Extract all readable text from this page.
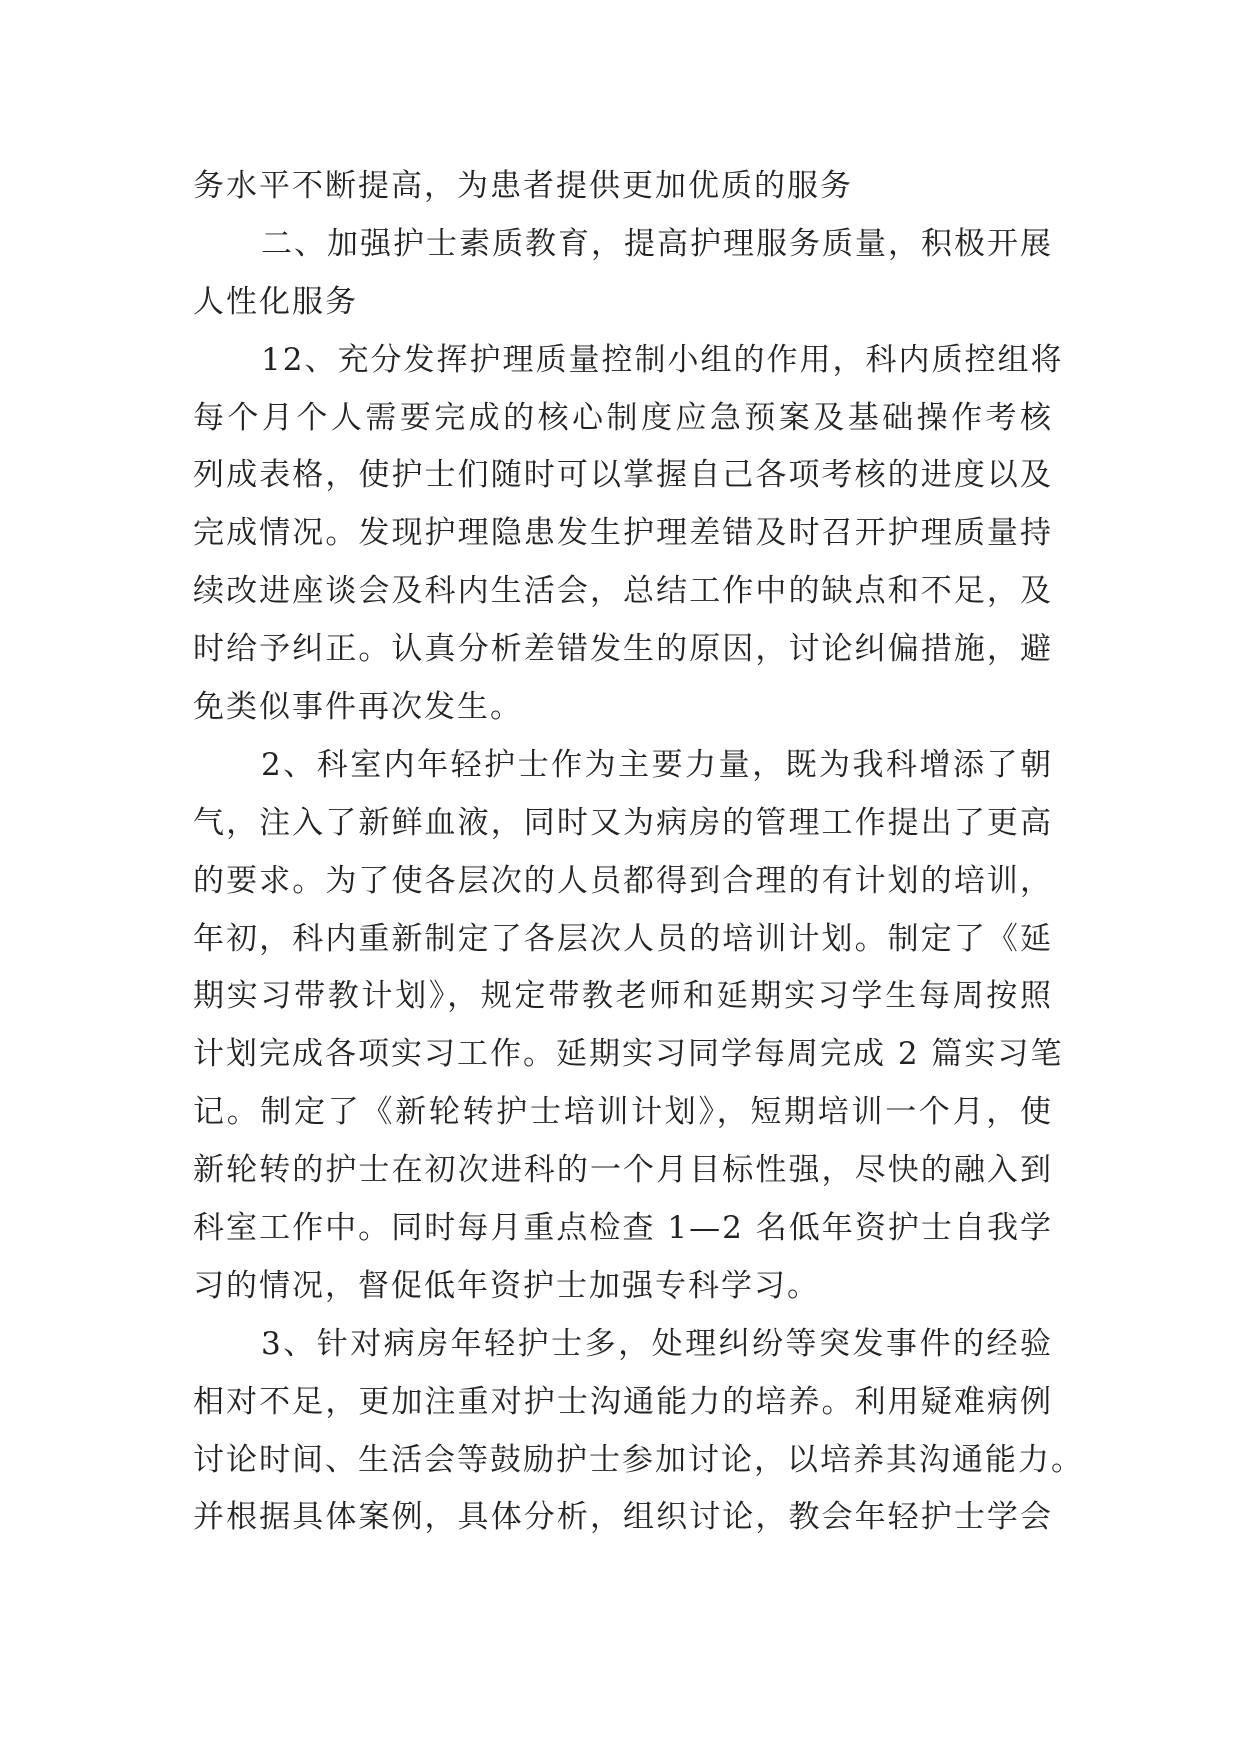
务水平不断提高，为患者提供更加优质的服务
二、加强护士素质教育，提高护理服务质量，积极开展
人性化服务
12、充分发挥护理质量控制小组的作用，科内质控组将
每个月个人需要完成的核心制度应急预案及基础操作考核
列成表格，使护士们随时可以掌握自己各项考核的进度以及
完成情况。发现护理隐患发生护理差错及时召开护理质量持
续改进座谈会及科内生活会，总结工作中的缺点和不足，及
时给予纠正。认真分析差错发生的原因，讨论纠偏措施，避
免类似事件再次发生。
2、科室内年轻护士作为主要力量，既为我科增添了朝
气，注入了新鲜血液，同时又为病房的管理工作提出了更高
的要求。为了使各层次的人员都得到合理的有计划的培训，
年初，科内重新制定了各层次人员的培训计划。制定了《延
期实习带教计划》，规定带教老师和延期实习学生每周按照
计划完成各项实习工作。延期实习同学每周完成 2 篇实习笔
记。制定了《新轮转护士培训计划》，短期培训一个月，使
新轮转的护士在初次进科的一个月目标性强，尽快的融入到
科室工作中。同时每月重点检查 1—2 名低年资护士自我学
习的情况，督促低年资护士加强专科学习。
3、针对病房年轻护士多，处理纠纷等突发事件的经验
相对不足，更加注重对护士沟通能力的培养。利用疑难病例
讨论时间、生活会等鼓励护士参加讨论，以培养其沟通能力。
并根据具体案例，具体分析，组织讨论，教会年轻护士学会
